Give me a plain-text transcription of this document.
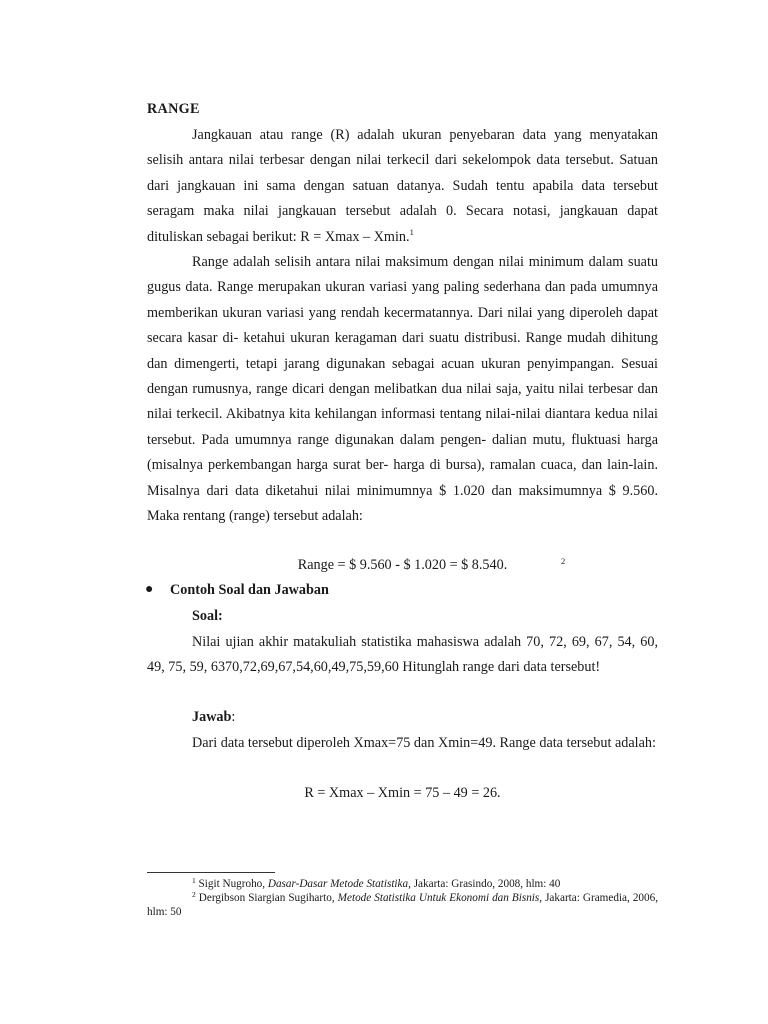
RANGE

Jangkauan atau range (R) adalah ukuran penyebaran data yang menyatakan selisih antara nilai terbesar dengan nilai terkecil dari sekelompok data tersebut. Satuan dari jangkauan ini sama dengan satuan datanya. Sudah tentu apabila data tersebut seragam maka nilai jangkauan tersebut adalah 0. Secara notasi, jangkauan dapat dituliskan sebagai berikut: R = Xmax – Xmin.$^1$

Range adalah selisih antara nilai maksimum dengan nilai minimum dalam suatu gugus data. Range merupakan ukuran variasi yang paling sederhana dan pada umumnya memberikan ukuran variasi yang rendah kecermatannya. Dari nilai yang diperoleh dapat secara kasar di- ketahui ukuran keragaman dari suatu distribusi. Range mudah dihitung dan dimengerti, tetapi jarang digunakan sebagai acuan ukuran penyimpangan. Sesuai dengan rumusnya, range dicari dengan melibatkan dua nilai saja, yaitu nilai terbesar dan nilai terkecil. Akibatnya kita kehilangan informasi tentang nilai-nilai diantara kedua nilai tersebut. Pada umumnya range digunakan dalam pengen- dalian mutu, fluktuasi harga (misalnya perkembangan harga surat ber- harga di bursa), ramalan cuaca, dan lain-lain. Misalnya dari data diketahui nilai minimumnya $ 1.020 dan maksimumnya $ 9.560. Maka rentang (range) tersebut adalah:

Range = $ 9.560 - $ 1.020 = $ 8.540.	2
● Contoh Soal dan Jawaban
Soal:

Nilai ujian akhir matakuliah statistika mahasiswa adalah 70, 72, 69, 67, 54, 60, 49, 75, 59, 6370,72,69,67,54,60,49,75,59,60 Hitunglah range dari data tersebut!

Jawab:

Dari data tersebut diperoleh Xmax=75 dan Xmin=49. Range data tersebut adalah:

R = Xmax – Xmin = 75 – 49 = 26.
$^1$ Sigit Nugroho, Dasar-Dasar Metode Statistika, Jakarta: Grasindo, 2008, hlm: 40
$^2$ Dergibson Siargian Sugiharto, Metode Statistika Untuk Ekonomi dan Bisnis, Jakarta: Gramedia, 2006, hlm: 50
